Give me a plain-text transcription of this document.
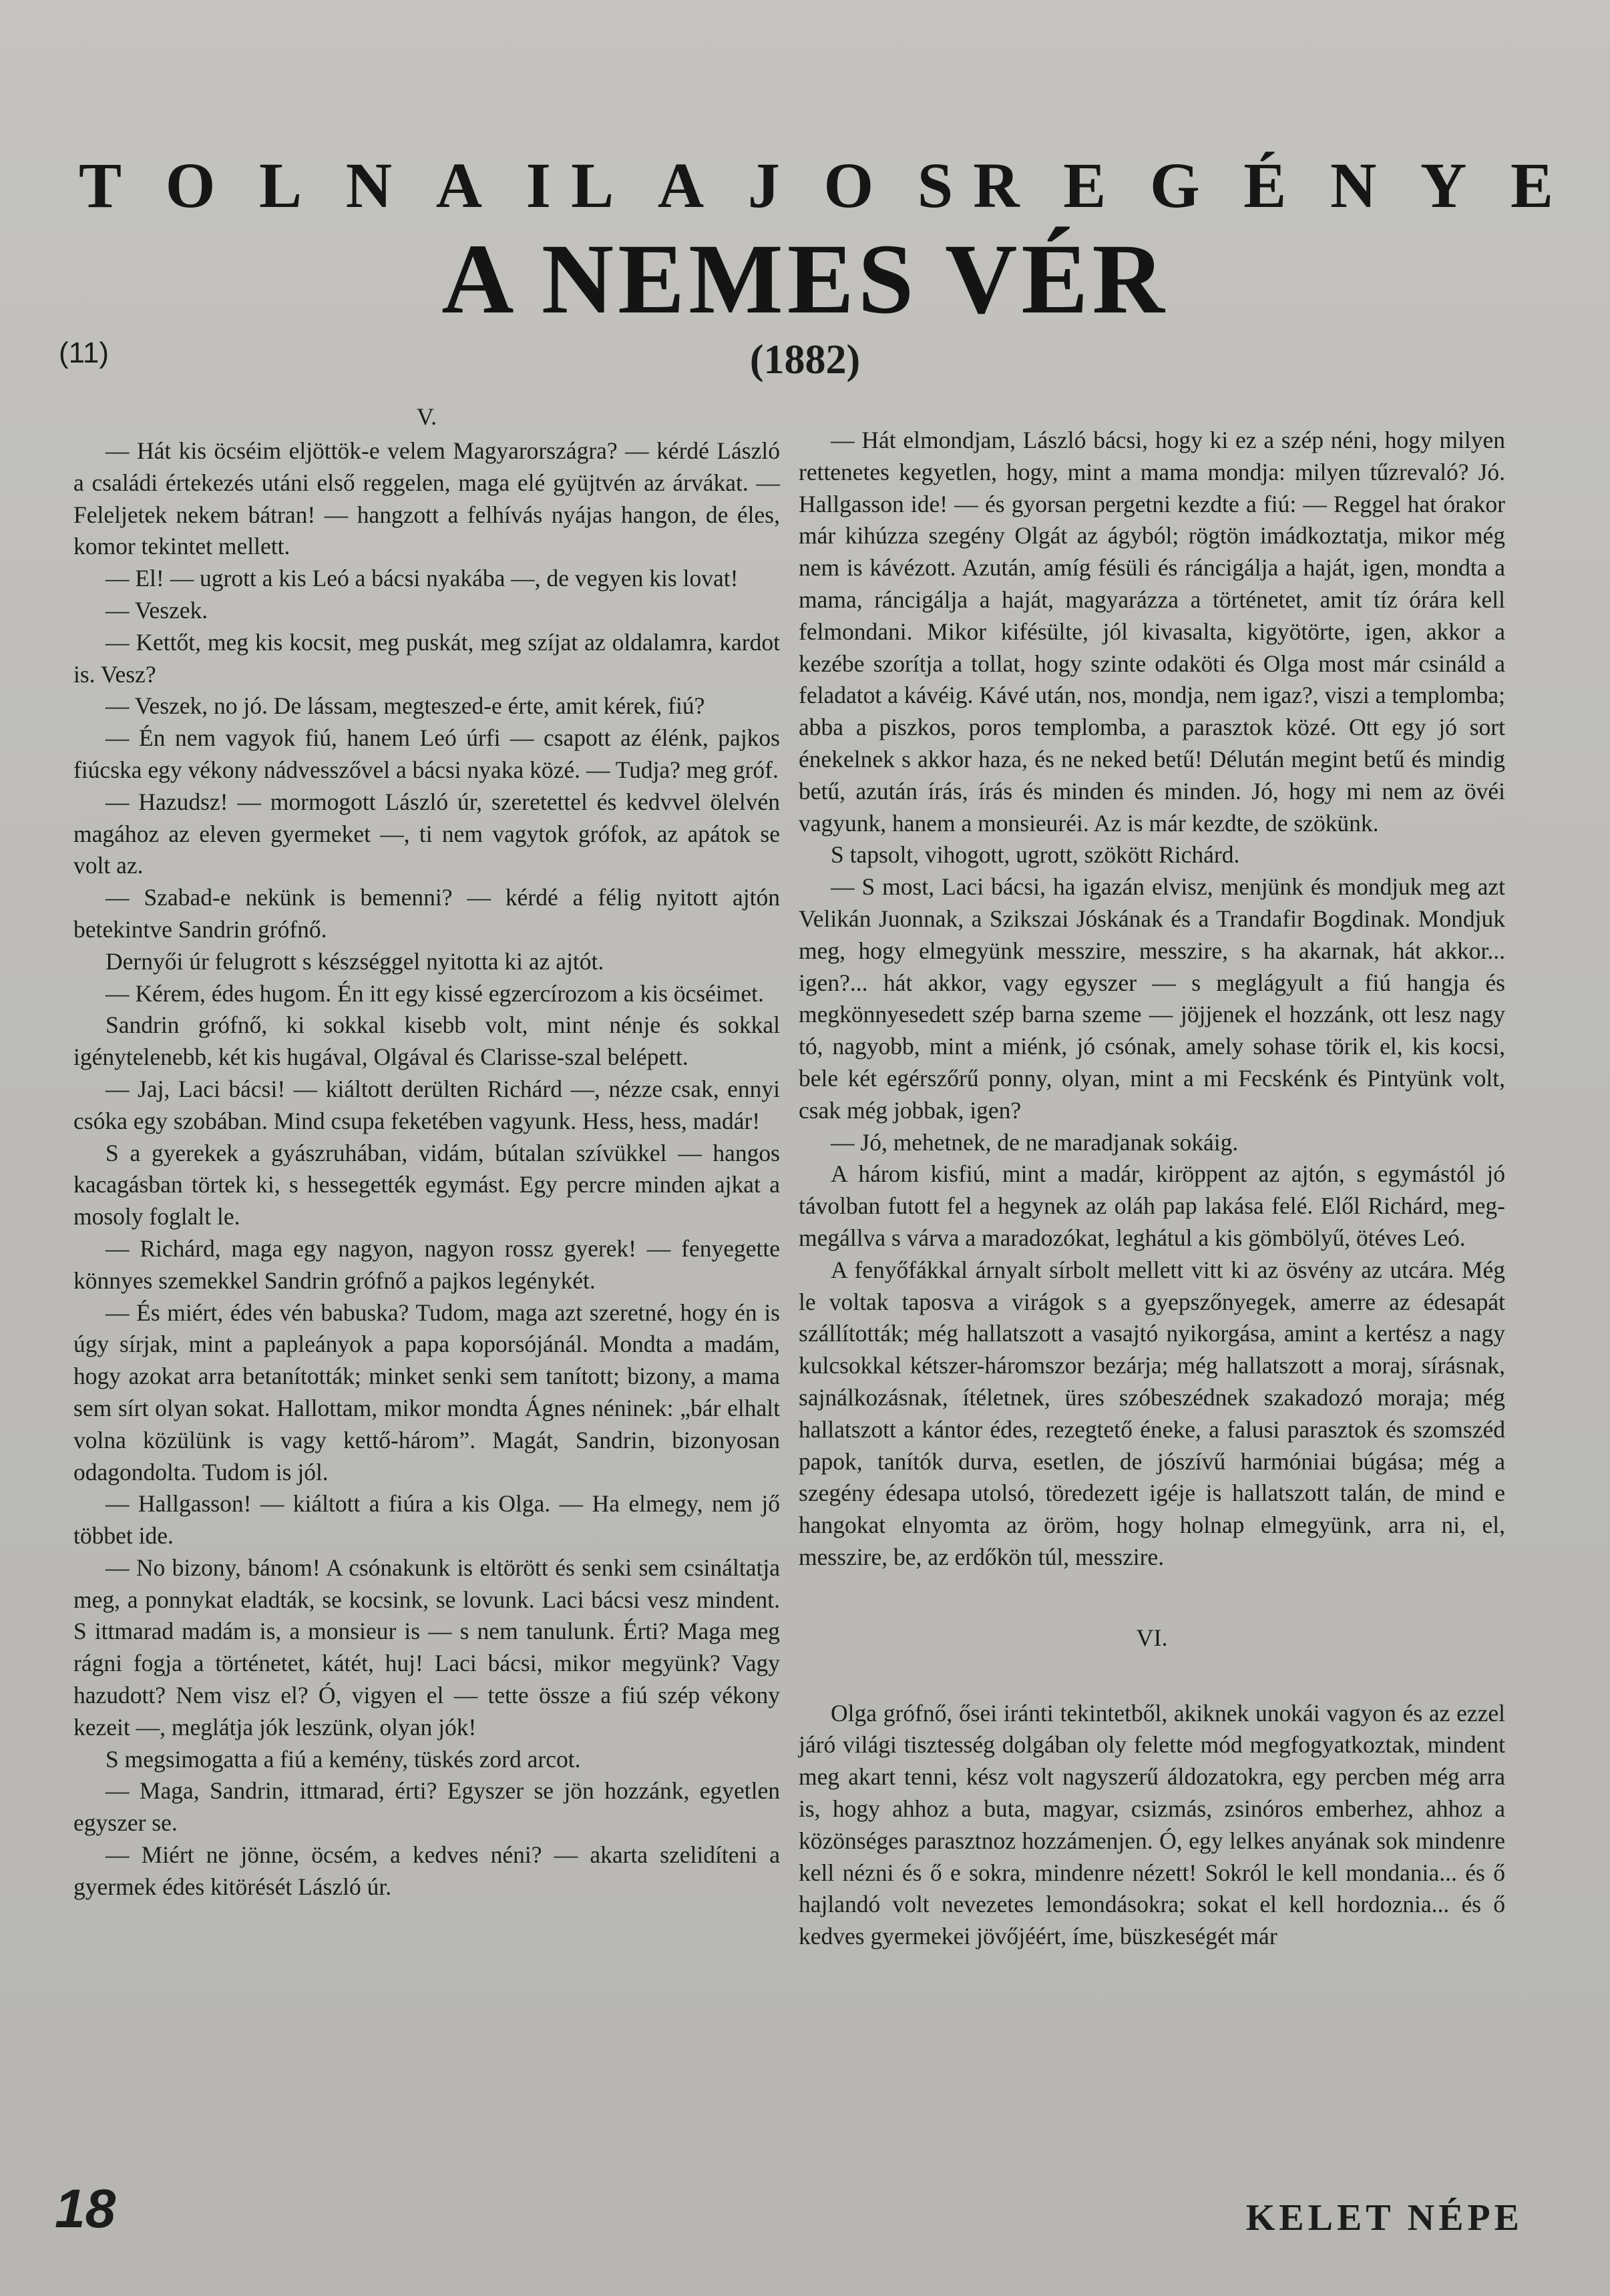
T   O   L   N   A   I L   A   J   O   S R   E   G   É   N   Y   E
A NEMES VÉR
(11)	(1882)
V.

— Hát kis öcséim eljöttök-e velem Magyarországra? — kérdé László a családi értekezés utáni első reggelen, maga elé gyüjtvén az árvákat. — Feleljetek nekem bátran! — hangzott a felhívás nyájas hangon, de éles, komor tekintet mellett.

— El! — ugrott a kis Leó a bácsi nyakába —, de vegyen kis lovat!

— Veszek.

— Kettőt, meg kis kocsit, meg puskát, meg szíjat az oldalamra, kardot is. Vesz?

— Veszek, no jó. De lássam, megteszed-e érte, amit kérek, fiú?

— Én nem vagyok fiú, hanem Leó úrfi — csapott az élénk, pajkos fiúcska egy vékony nádvesszővel a bácsi nyaka közé. — Tudja? meg gróf.

— Hazudsz! — mormogott László úr, szeretettel és kedvvel ölelvén magához az eleven gyermeket —, ti nem vagytok grófok, az apátok se volt az.

— Szabad-e nekünk is bemenni? — kérdé a félig nyitott ajtón betekintve Sandrin grófnő.

Dernyői úr felugrott s készséggel nyitotta ki az ajtót.

— Kérem, édes hugom. Én itt egy kissé egzercírozom a kis öcséimet.

Sandrin grófnő, ki sokkal kisebb volt, mint nénje és sokkal igénytelenebb, két kis hugával, Olgával és Clarisse-szal belépett.

— Jaj, Laci bácsi! — kiáltott derülten Richárd —, nézze csak, ennyi csóka egy szobában. Mind csupa feketében vagyunk. Hess, hess, madár!

S a gyerekek a gyászruhában, vidám, bútalan szívükkel — hangos kacagásban törtek ki, s hessegették egymást. Egy percre minden ajkat a mosoly foglalt le.

— Richárd, maga egy nagyon, nagyon rossz gyerek! — fenyegette könnyes szemekkel Sandrin grófnő a pajkos legénykét.

— És miért, édes vén babuska? Tudom, maga azt szeretné, hogy én is úgy sírjak, mint a papleányok a papa koporsójánál. Mondta a madám, hogy azokat arra betanították; minket senki sem tanított; bizony, a mama sem sírt olyan sokat. Hallottam, mikor mondta Ágnes néninek: „bár elhalt volna közülünk is vagy kettő-három”. Magát, Sandrin, bizonyosan odagondolta. Tudom is jól.

— Hallgasson! — kiáltott a fiúra a kis Olga. — Ha elmegy, nem jő többet ide.

— No bizony, bánom! A csónakunk is eltörött és senki sem csináltatja meg, a ponnykat eladták, se kocsink, se lovunk. Laci bácsi vesz mindent. S ittmarad madám is, a monsieur is — s nem tanulunk. Érti? Maga meg rágni fogja a történetet, kátét, huj! Laci bácsi, mikor megyünk? Vagy hazudott? Nem visz el? Ó, vigyen el — tette össze a fiú szép vékony kezeit —, meglátja jók leszünk, olyan jók!

S megsimogatta a fiú a kemény, tüskés zord arcot.

— Maga, Sandrin, ittmarad, érti? Egyszer se jön hozzánk, egyetlen egyszer se.

— Miért ne jönne, öcsém, a kedves néni? — akarta szelidíteni a gyermek édes kitörését László úr.

— Hát elmondjam, László bácsi, hogy ki ez a szép néni, hogy milyen rettenetes kegyetlen, hogy, mint a mama mondja: milyen tűzrevaló? Jó. Hallgasson ide! — és gyorsan pergetni kezdte a fiú: — Reggel hat órakor már kihúzza szegény Olgát az ágyból; rögtön imádkoztatja, mikor még nem is kávézott. Azután, amíg fésüli és ráncigálja a haját, igen, mondta a mama, ráncigálja a haját, magyarázza a történetet, amit tíz órára kell felmondani. Mikor kifésülte, jól kivasalta, kigyötörte, igen, akkor a kezébe szorítja a tollat, hogy szinte odaköti és Olga most már csináld a feladatot a kávéig. Kávé után, nos, mondja, nem igaz?, viszi a templomba; abba a piszkos, poros templomba, a parasztok közé. Ott egy jó sort énekelnek s akkor haza, és ne neked betű! Délután megint betű és mindig betű, azután írás, írás és minden és minden. Jó, hogy mi nem az övéi vagyunk, hanem a monsieuréi. Az is már kezdte, de szökünk.

S tapsolt, vihogott, ugrott, szökött Richárd.

— S most, Laci bácsi, ha igazán elvisz, menjünk és mondjuk meg azt Velikán Juonnak, a Szikszai Jóskának és a Trandafir Bogdinak. Mondjuk meg, hogy elmegyünk messzire, messzire, s ha akarnak, hát akkor... igen?... hát akkor, vagy egyszer — s meglágyult a fiú hangja és megkönnyesedett szép barna szeme — jöjjenek el hozzánk, ott lesz nagy tó, nagyobb, mint a miénk, jó csónak, amely sohase törik el, kis kocsi, bele két egérszőrű ponny, olyan, mint a mi Fecskénk és Pintyünk volt, csak még jobbak, igen?

— Jó, mehetnek, de ne maradjanak sokáig.

A három kisfiú, mint a madár, kiröppent az ajtón, s egymástól jó távolban futott fel a hegynek az oláh pap lakása felé. Elől Richárd, meg-megállva s várva a maradozókat, leghátul a kis gömbölyű, ötéves Leó.

A fenyőfákkal árnyalt sírbolt mellett vitt ki az ösvény az utcára. Még le voltak taposva a virágok s a gyepszőnyegek, amerre az édesapát szállították; még hallatszott a vasajtó nyikorgása, amint a kertész a nagy kulcsokkal kétszer-háromszor bezárja; még hallatszott a moraj, sírásnak, sajnálkozásnak, ítéletnek, üres szóbeszédnek szakadozó moraja; még hallatszott a kántor édes, rezegtető éneke, a falusi parasztok és szomszéd papok, tanítók durva, esetlen, de jószívű harmóniai búgása; még a szegény édesapa utolsó, töredezett igéje is hallatszott talán, de mind e hangokat elnyomta az öröm, hogy holnap elmegyünk, arra ni, el, messzire, be, az erdőkön túl, messzire.

VI.

Olga grófnő, ősei iránti tekintetből, akiknek unokái vagyon és az ezzel járó világi tisztesség dolgában oly felette mód megfogyatkoztak, mindent meg akart tenni, kész volt nagyszerű áldozatokra, egy percben még arra is, hogy ahhoz a buta, magyar, csizmás, zsinóros emberhez, ahhoz a közönséges parasztnoz hozzámenjen. Ó, egy lelkes anyának sok mindenre kell nézni és ő e sokra, mindenre nézett! Sokról le kell mondania... és ő hajlandó volt nevezetes lemondásokra; sokat el kell hordoznia... és ő kedves gyermekei jövőjéért, íme, büszkeségét már

18	KELET NÉPE
